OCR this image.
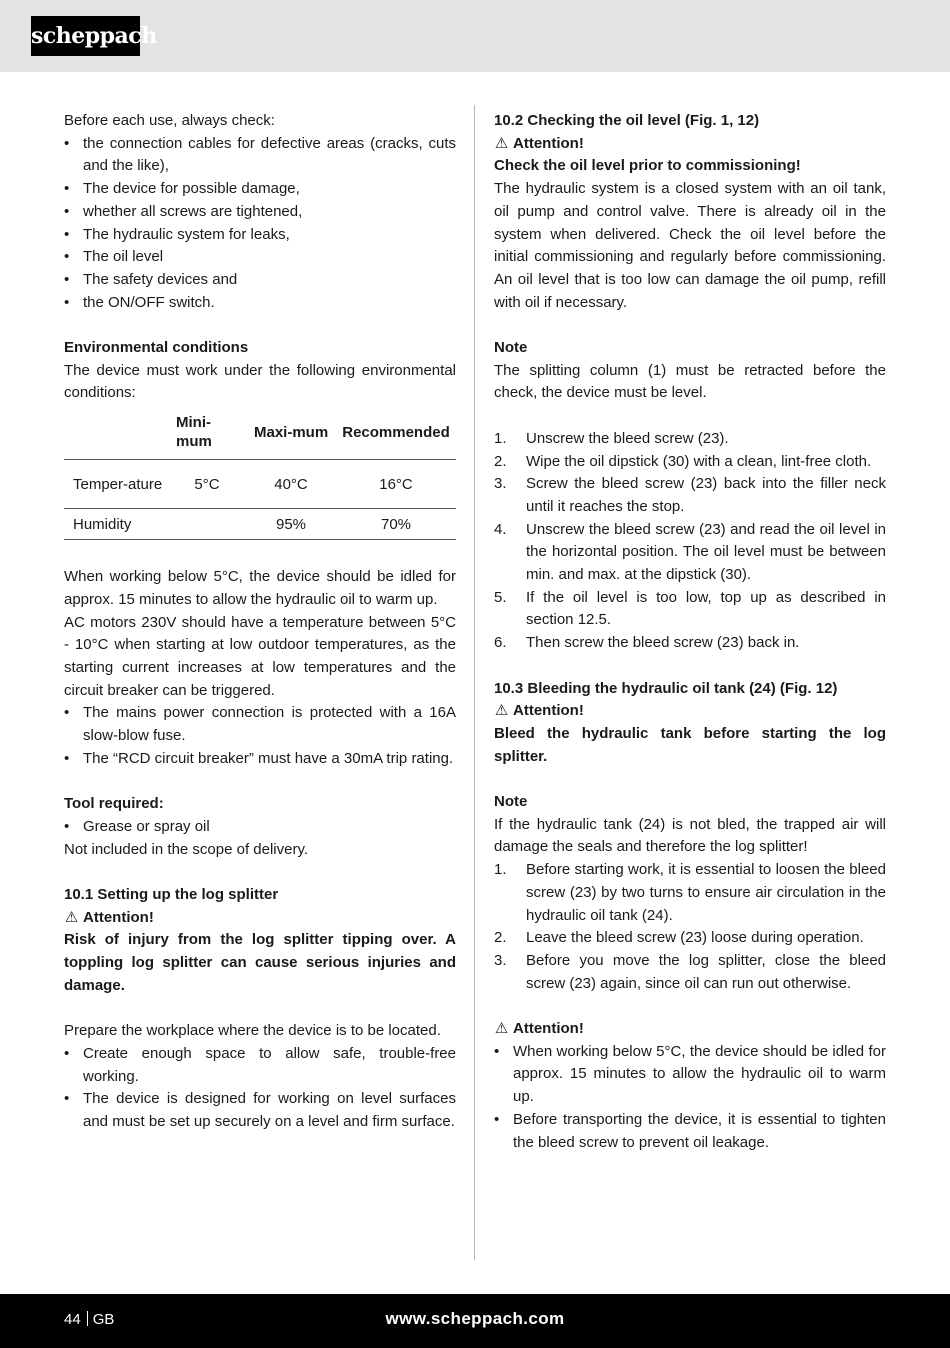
scheppach

Before each use, always check:

• the connection cables for defective areas (cracks, cuts and the like),
• The device for possible damage,
• whether all screws are tightened,
• The hydraulic system for leaks,
• The oil level
• The safety devices and
• the ON/OFF switch.

Environmental conditions

The device must work under the following environmental conditions:

	Mini-mum	Maxi-mum	Recommended
Temper-ature	5°C	40°C	16°C
Humidity		95%	70%

When working below 5°C, the device should be idled for approx. 15 minutes to allow the hydraulic oil to warm up.

AC motors 230V should have a temperature between 5°C - 10°C when starting at low outdoor temperatures, as the starting current increases at low temperatures and the circuit breaker can be triggered.

• The mains power connection is protected with a 16A slow-blow fuse.
• The “RCD circuit breaker” must have a 30mA trip rating.

Tool required:

• Grease or spray oil

Not included in the scope of delivery.

10.1 Setting up the log splitter

⚠ Attention!

Risk of injury from the log splitter tipping over. A toppling log splitter can cause serious injuries and damage.

Prepare the workplace where the device is to be located.

• Create enough space to allow safe, trouble-free working.
• The device is designed for working on level surfaces and must be set up securely on a level and firm surface.

10.2 Checking the oil level (Fig. 1, 12)

⚠ Attention!

Check the oil level prior to commissioning!

The hydraulic system is a closed system with an oil tank, oil pump and control valve. There is already oil in the system when delivered. Check the oil level before the initial commissioning and regularly before commissioning. An oil level that is too low can damage the oil pump, refill with oil if necessary.

Note

The splitting column (1) must be retracted before the check, the device must be level.

1. Unscrew the bleed screw (23).
2. Wipe the oil dipstick (30) with a clean, lint-free cloth.
3. Screw the bleed screw (23) back into the filler neck until it reaches the stop.
4. Unscrew the bleed screw (23) and read the oil level in the horizontal position. The oil level must be between min. and max. at the dipstick (30).
5. If the oil level is too low, top up as described in section 12.5.
6. Then screw the bleed screw (23) back in.

10.3 Bleeding the hydraulic oil tank (24) (Fig. 12)

⚠ Attention!

Bleed the hydraulic tank before starting the log splitter.

Note

If the hydraulic tank (24) is not bled, the trapped air will damage the seals and therefore the log splitter!

1. Before starting work, it is essential to loosen the bleed screw (23) by two turns to ensure air circulation in the hydraulic oil tank (24).
2. Leave the bleed screw (23) loose during operation.
3. Before you move the log splitter, close the bleed screw (23) again, since oil can run out otherwise.

⚠ Attention!

• When working below 5°C, the device should be idled for approx. 15 minutes to allow the hydraulic oil to warm up.
• Before transporting the device, it is essential to tighten the bleed screw to prevent oil leakage.
44 GB	www.scheppach.com
